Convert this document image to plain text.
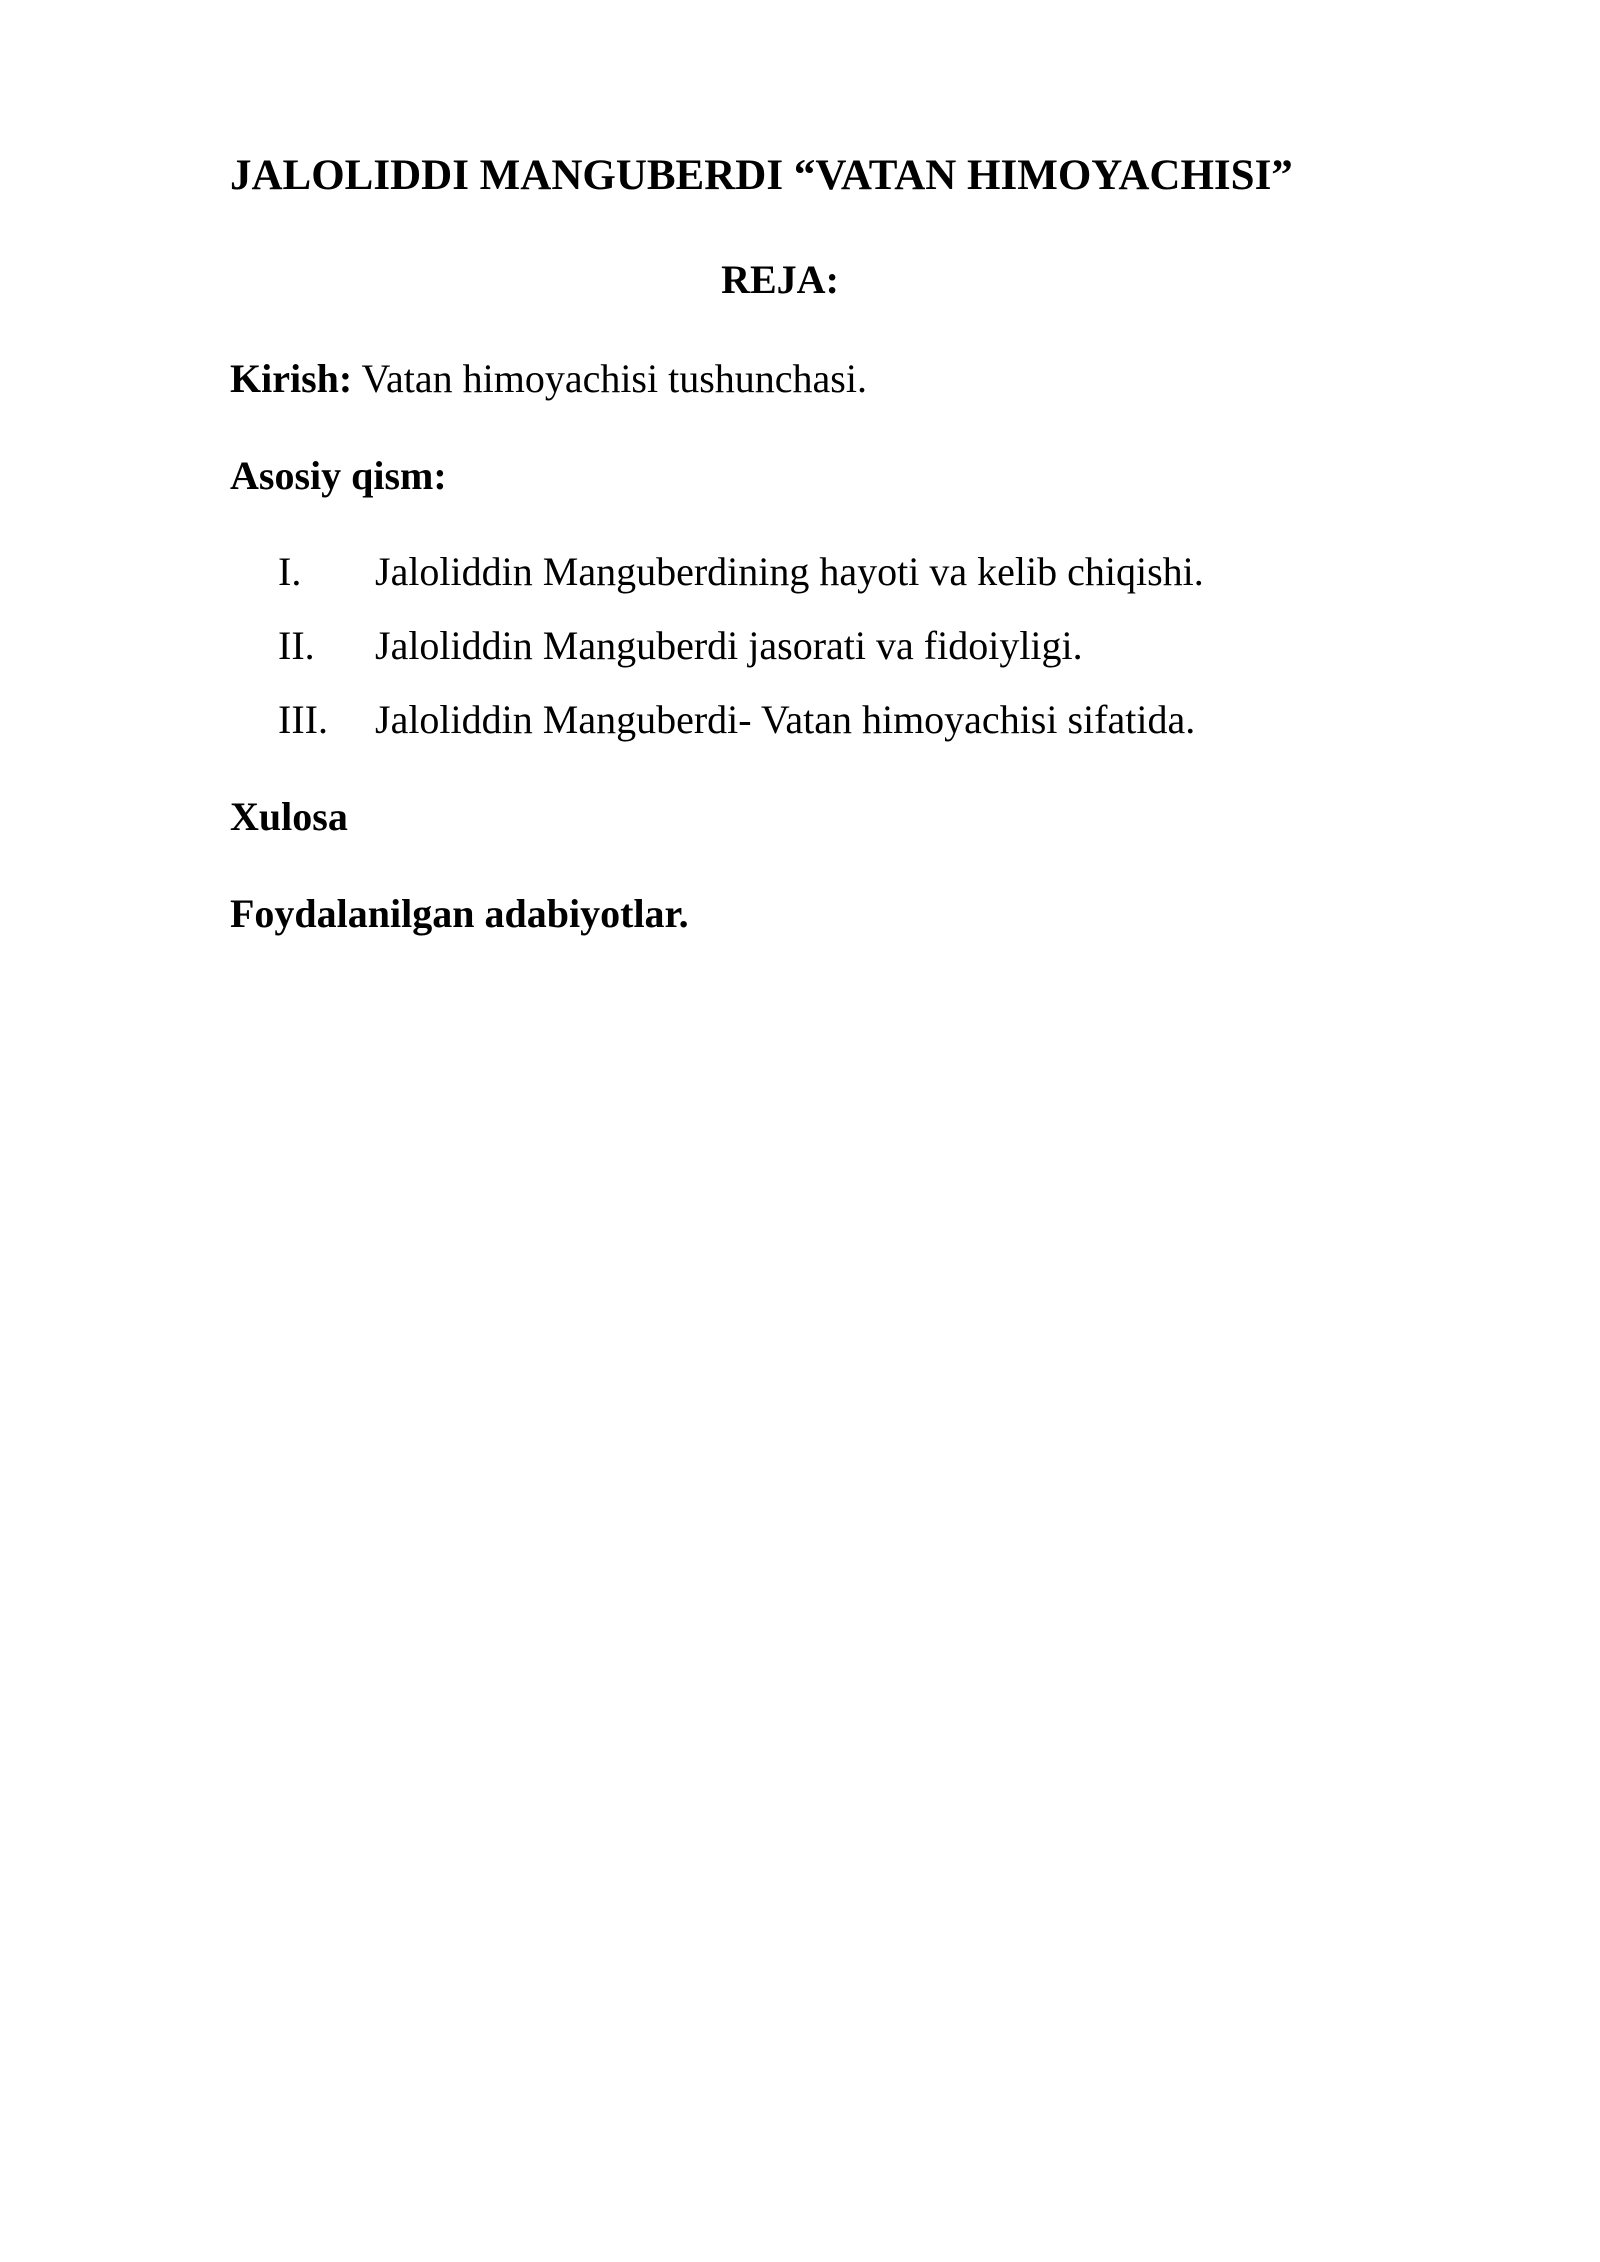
JALOLIDDI MANGUBERDI “VATAN HIMOYACHISI”
REJA:
Kirish: Vatan himoyachisi tushunchasi.
Asosiy qism:
I. Jaloliddin Manguberdining hayoti va kelib chiqishi.
II. Jaloliddin Manguberdi jasorati va fidoiyligi.
III. Jaloliddin Manguberdi- Vatan himoyachisi sifatida.
Xulosa
Foydalanilgan adabiyotlar.
